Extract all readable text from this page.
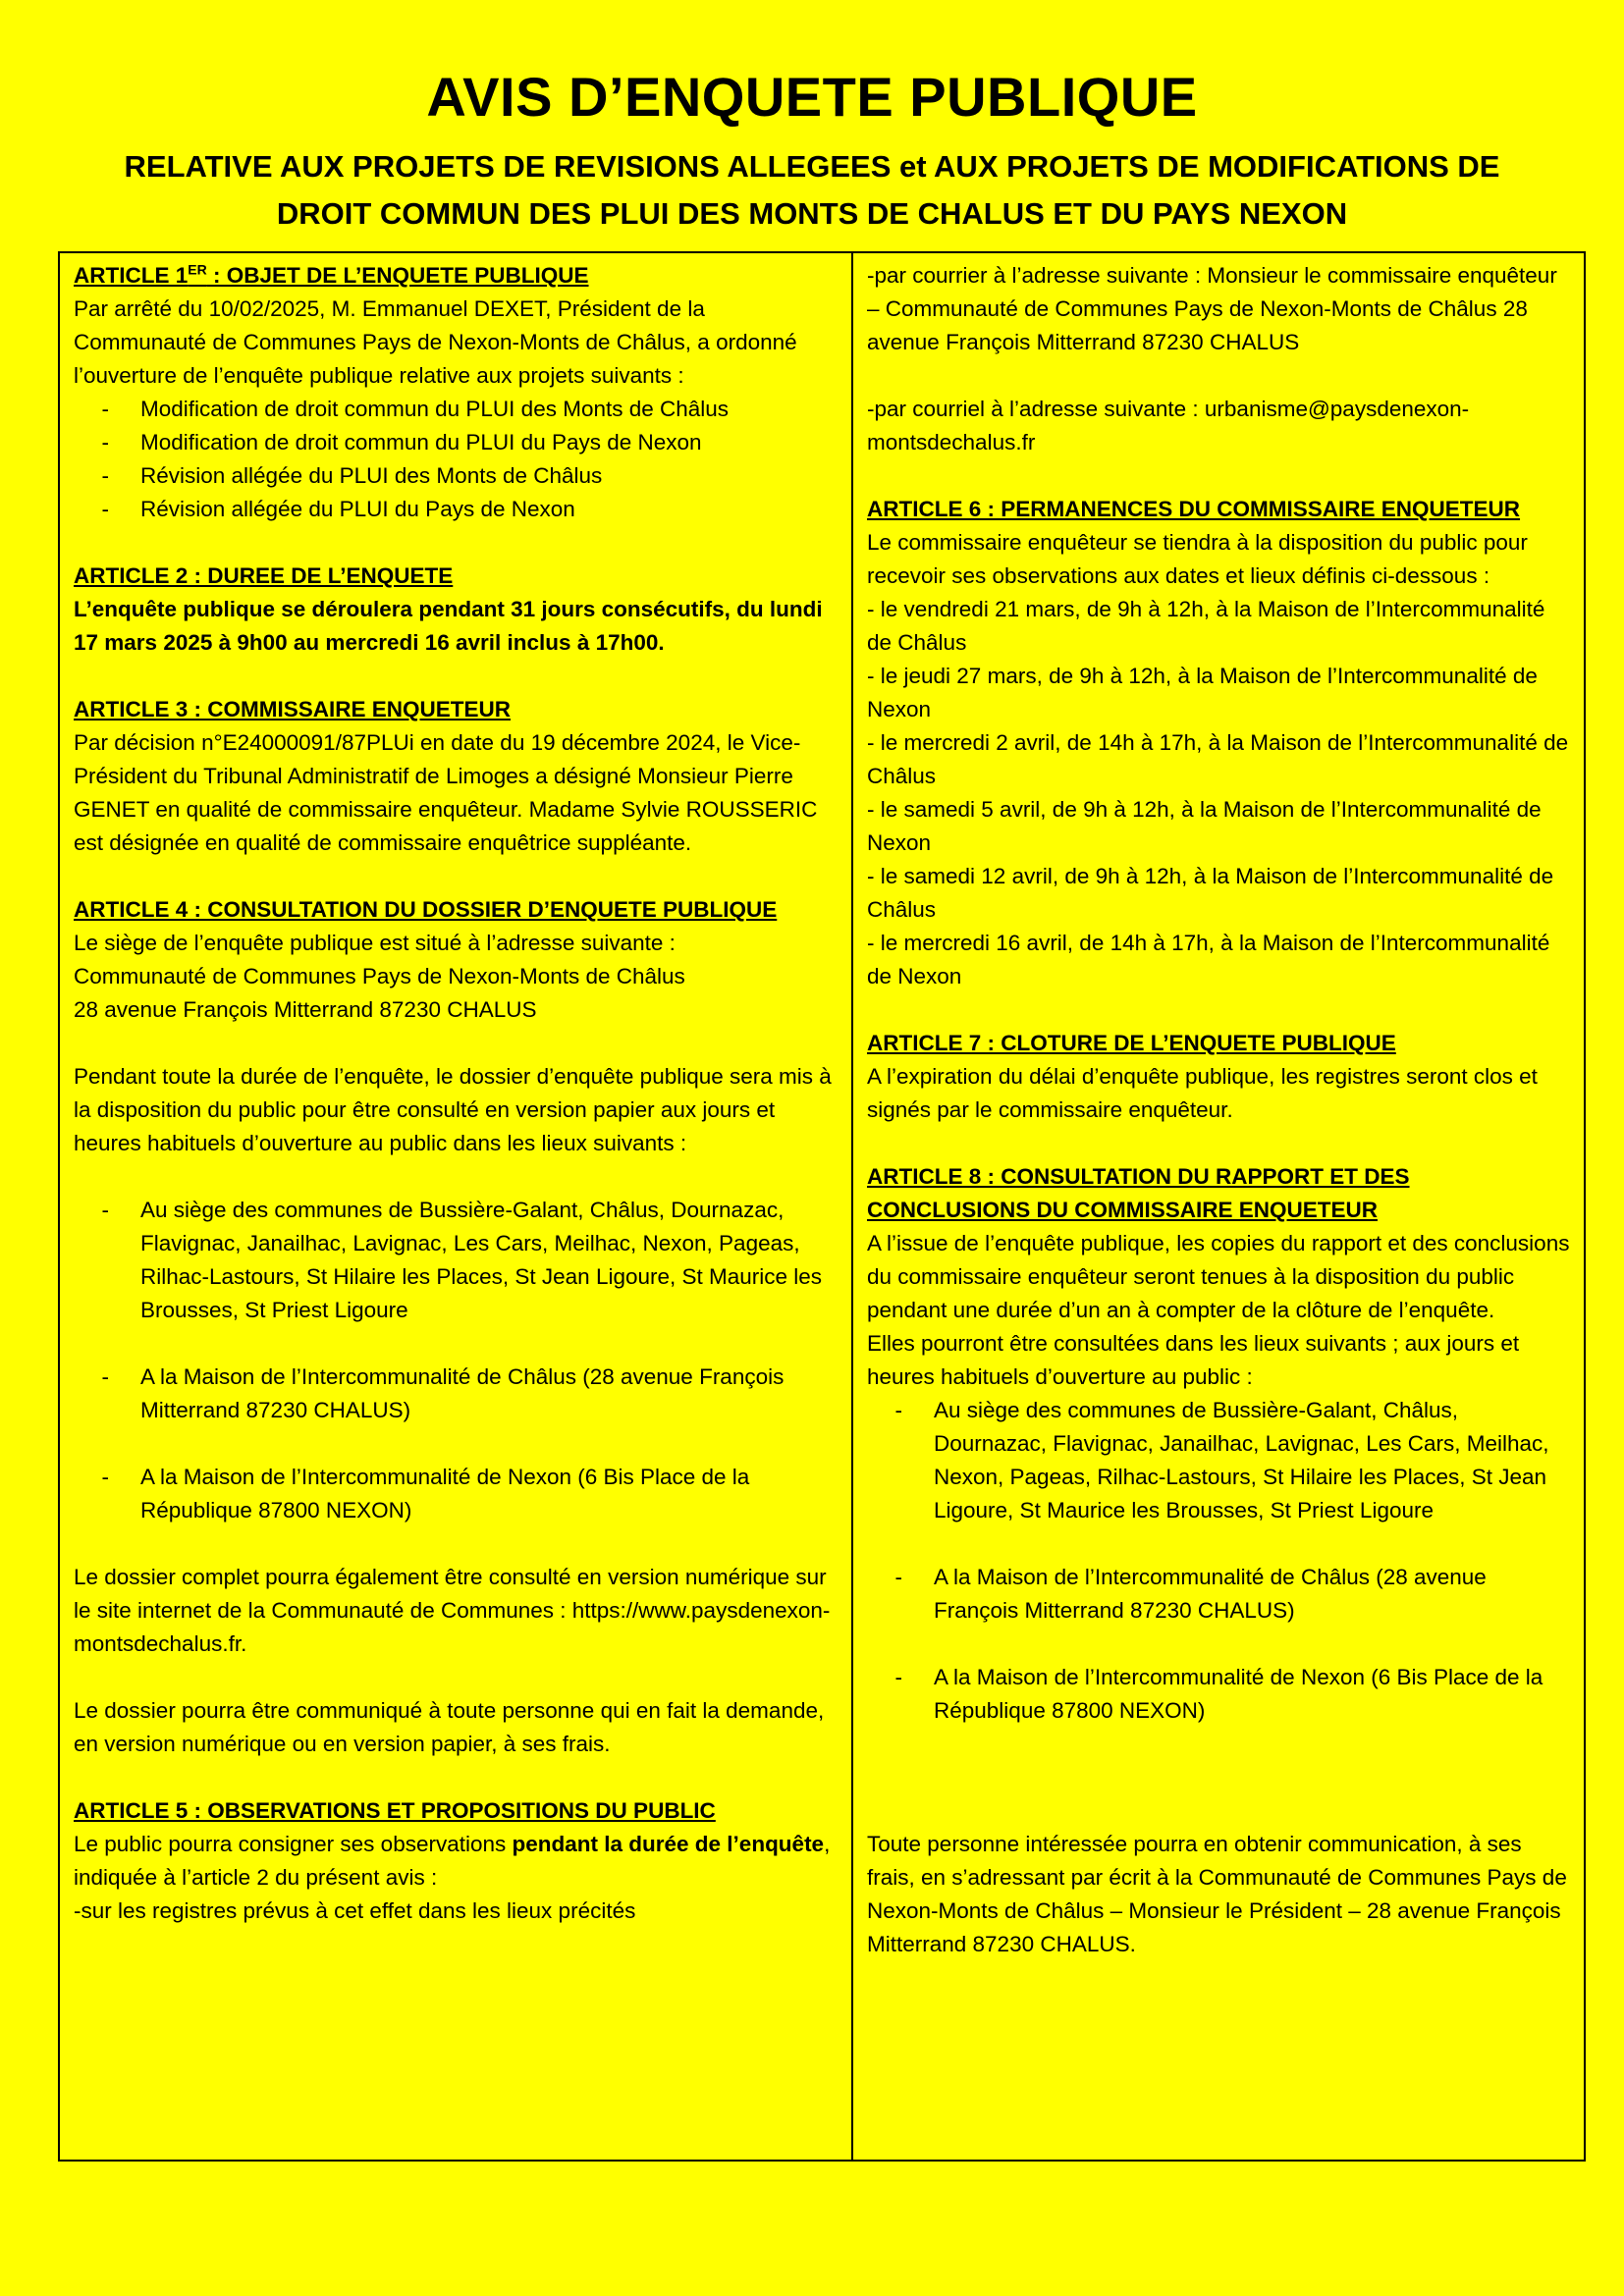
AVIS D’ENQUETE PUBLIQUE
RELATIVE AUX PROJETS DE REVISIONS ALLEGEES et AUX PROJETS DE MODIFICATIONS DE
DROIT COMMUN DES PLUI DES MONTS DE CHALUS ET DU PAYS NEXON
ARTICLE 1ER : OBJET DE L’ENQUETE PUBLIQUE
Par arrêté du 10/02/2025, M. Emmanuel DEXET, Président de la Communauté de Communes Pays de Nexon-Monts de Châlus, a ordonné l’ouverture de l’enquête publique relative aux projets suivants :
-	Modification de droit commun du PLUI des Monts de Châlus
-	Modification de droit commun du PLUI du Pays de Nexon
-	Révision allégée du PLUI des Monts de Châlus
-	Révision allégée du PLUI du Pays de Nexon
ARTICLE 2 : DUREE DE L’ENQUETE
L’enquête publique se déroulera pendant 31 jours consécutifs, du lundi 17 mars 2025 à 9h00 au mercredi 16 avril inclus à 17h00.
ARTICLE 3 : COMMISSAIRE ENQUETEUR
Par décision n°E24000091/87PLUi en date du 19 décembre 2024, le Vice-Président du Tribunal Administratif de Limoges a désigné Monsieur Pierre GENET en qualité de commissaire enquêteur. Madame Sylvie ROUSSERIC est désignée en qualité de commissaire enquêtrice suppléante.
ARTICLE 4 : CONSULTATION DU DOSSIER D’ENQUETE PUBLIQUE
Le siège de l’enquête publique est situé à l’adresse suivante :
Communauté de Communes Pays de Nexon-Monts de Châlus
28 avenue François Mitterrand 87230 CHALUS
Pendant toute la durée de l’enquête, le dossier d’enquête publique sera mis à la disposition du public pour être consulté en version papier aux jours et heures habituels d’ouverture au public dans les lieux suivants :
-	Au siège des communes de Bussière-Galant, Châlus, Dournazac, Flavignac, Janailhac, Lavignac, Les Cars, Meilhac, Nexon, Pageas, Rilhac-Lastours, St Hilaire les Places, St Jean Ligoure, St Maurice les Brousses, St Priest Ligoure
-	A la Maison de l’Intercommunalité de Châlus (28 avenue François Mitterrand 87230 CHALUS)
-	A la Maison de l’Intercommunalité de Nexon (6 Bis Place de la République 87800 NEXON)
Le dossier complet pourra également être consulté en version numérique sur le site internet de la Communauté de Communes : https://www.paysdenexon-montsdechalus.fr.
Le dossier pourra être communiqué à toute personne qui en fait la demande, en version numérique ou en version papier, à ses frais.
ARTICLE 5 : OBSERVATIONS ET PROPOSITIONS DU PUBLIC
Le public pourra consigner ses observations pendant la durée de l’enquête, indiquée à l’article 2 du présent avis :
-sur les registres prévus à cet effet dans les lieux précités
-par courrier à l’adresse suivante : Monsieur le commissaire enquêteur – Communauté de Communes Pays de Nexon-Monts de Châlus 28 avenue François Mitterrand 87230 CHALUS
-par courriel à l’adresse suivante : urbanisme@paysdenexon-montsdechalus.fr
ARTICLE 6 : PERMANENCES DU COMMISSAIRE ENQUETEUR
Le commissaire enquêteur se tiendra à la disposition du public pour recevoir ses observations aux dates et lieux définis ci-dessous :
- le vendredi 21 mars, de 9h à 12h, à la Maison de l’Intercommunalité de Châlus
- le jeudi 27 mars, de 9h à 12h, à la Maison de l’Intercommunalité de Nexon
- le mercredi 2 avril, de 14h à 17h, à la Maison de l’Intercommunalité de Châlus
- le samedi 5 avril, de 9h à 12h, à la Maison de l’Intercommunalité de Nexon
- le samedi 12 avril, de 9h à 12h, à la Maison de l’Intercommunalité de Châlus
- le mercredi 16 avril, de 14h à 17h, à la Maison de l’Intercommunalité de Nexon
ARTICLE 7 : CLOTURE DE L’ENQUETE PUBLIQUE
A l’expiration du délai d’enquête publique, les registres seront clos et signés par le commissaire enquêteur.
ARTICLE 8 : CONSULTATION DU RAPPORT ET DES
CONCLUSIONS DU COMMISSAIRE ENQUETEUR
A l’issue de l’enquête publique, les copies du rapport et des conclusions du commissaire enquêteur seront tenues à la disposition du public pendant une durée d’un an à compter de la clôture de l’enquête.
Elles pourront être consultées dans les lieux suivants ; aux jours et heures habituels d’ouverture au public :
-	Au siège des communes de Bussière-Galant, Châlus, Dournazac, Flavignac, Janailhac, Lavignac, Les Cars, Meilhac, Nexon, Pageas, Rilhac-Lastours, St Hilaire les Places, St Jean Ligoure, St Maurice les Brousses, St Priest Ligoure
-	A la Maison de l’Intercommunalité de Châlus (28 avenue François Mitterrand 87230 CHALUS)
-	A la Maison de l’Intercommunalité de Nexon (6 Bis Place de la République 87800 NEXON)
Toute personne intéressée pourra en obtenir communication, à ses frais, en s’adressant par écrit à la Communauté de Communes Pays de Nexon-Monts de Châlus – Monsieur le Président – 28 avenue François Mitterrand 87230 CHALUS.
